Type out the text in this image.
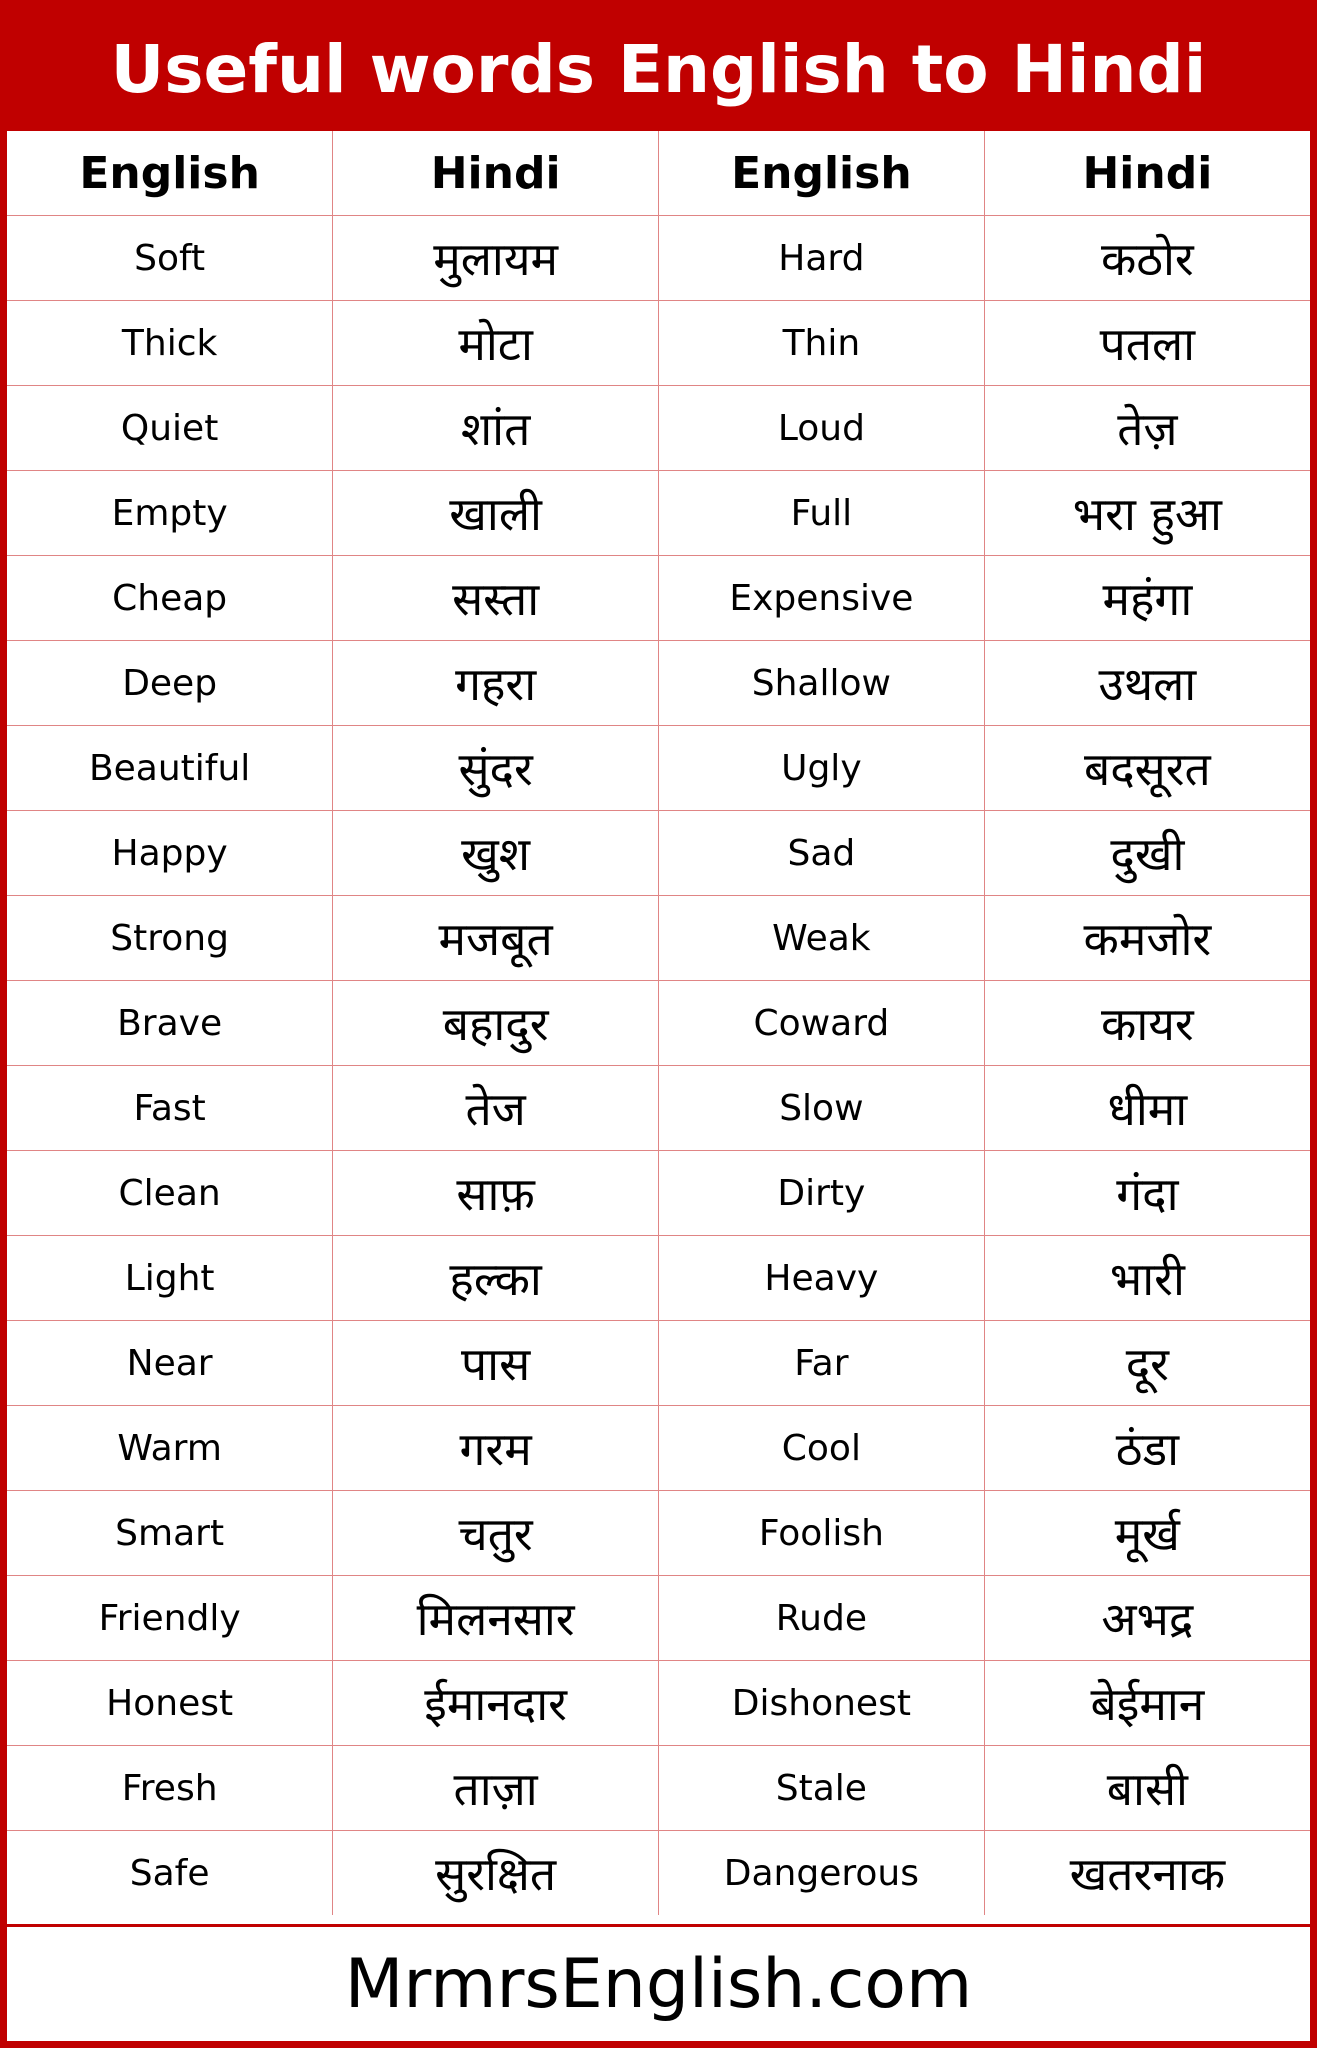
Useful words English to Hindi
English	Hindi	English	Hindi
Soft	मुलायम	Hard	कठोर
Thick	मोटा	Thin	पतला
Quiet	शांत	Loud	तेज़
Empty	खाली	Full	भरा हुआ
Cheap	सस्ता	Expensive	महंगा
Deep	गहरा	Shallow	उथला
Beautiful	सुंदर	Ugly	बदसूरत
Happy	खुश	Sad	दुखी
Strong	मजबूत	Weak	कमजोर
Brave	बहादुर	Coward	कायर
Fast	तेज	Slow	धीमा
Clean	साफ़	Dirty	गंदा
Light	हल्का	Heavy	भारी
Near	पास	Far	दूर
Warm	गरम	Cool	ठंडा
Smart	चतुर	Foolish	मूर्ख
Friendly	मिलनसार	Rude	अभद्र
Honest	ईमानदार	Dishonest	बेईमान
Fresh	ताज़ा	Stale	बासी
Safe	सुरक्षित	Dangerous	खतरनाक
MrmrsEnglish.com
